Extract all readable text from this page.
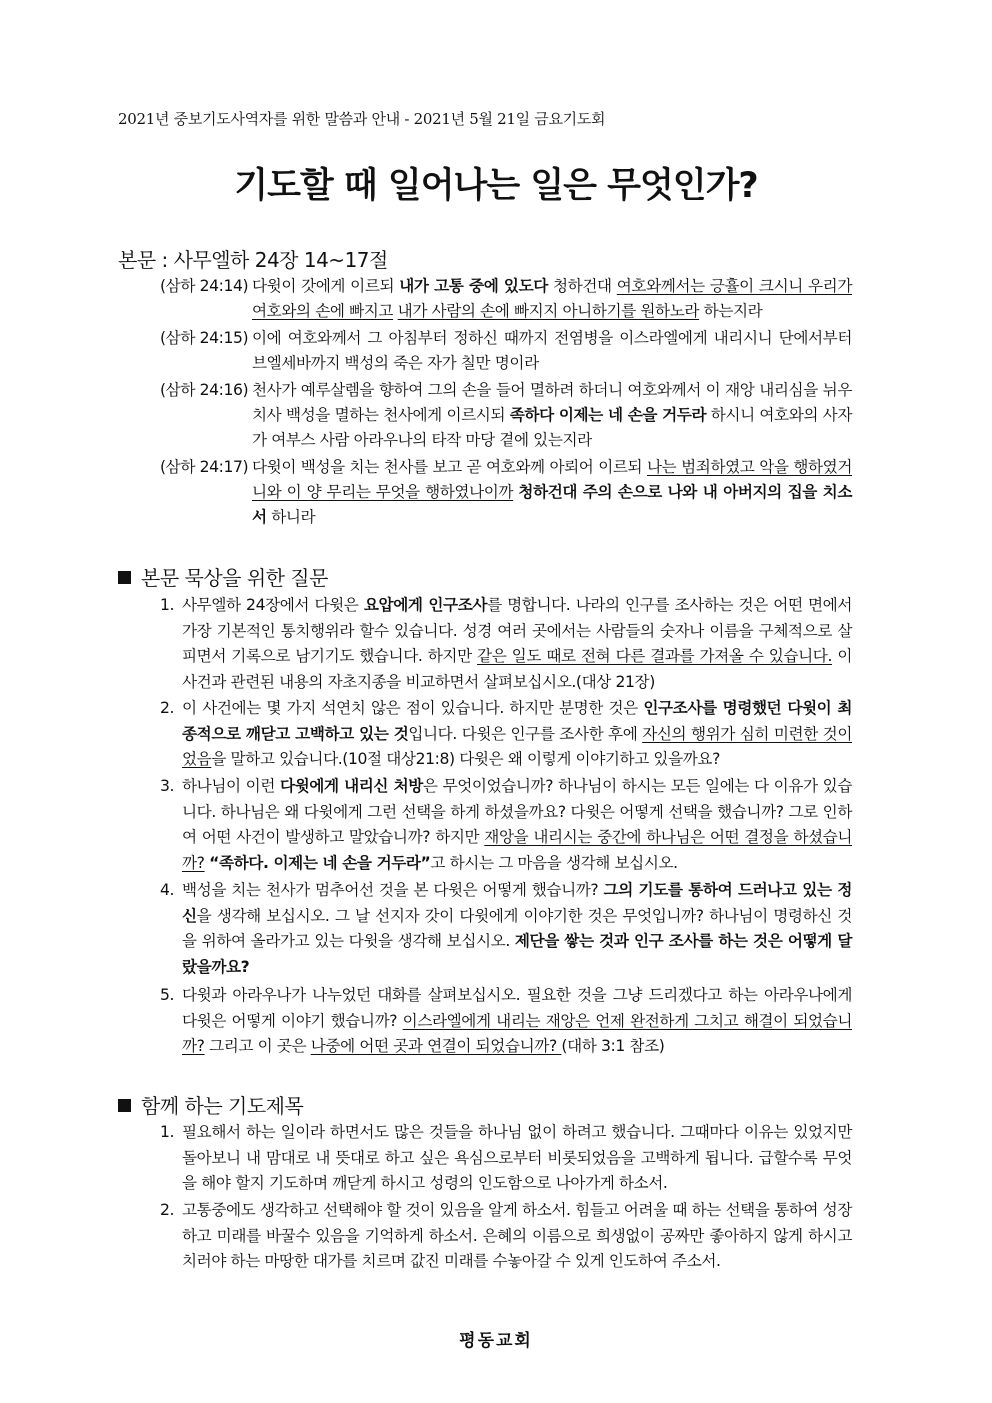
2021년 중보기도사역자를 위한 말씀과 안내 - 2021년 5월 21일 금요기도회
기도할 때 일어나는 일은 무엇인가?
본문 : 사무엘하 24장 14~17절
(삼하 24:14) 다윗이 갓에게 이르되 내가 고통 중에 있도다 청하건대 여호와께서는 긍휼이 크시니 우리가 여호와의 손에 빠지고 내가 사람의 손에 빠지지 아니하기를 원하노라 하는지라
(삼하 24:15) 이에 여호와께서 그 아침부터 정하신 때까지 전염병을 이스라엘에게 내리시니 단에서부터 브엘세바까지 백성의 죽은 자가 칠만 명이라
(삼하 24:16) 천사가 예루살렘을 향하여 그의 손을 들어 멸하려 하더니 여호와께서 이 재앙 내리심을 뉘우치사 백성을 멸하는 천사에게 이르시되 족하다 이제는 네 손을 거두라 하시니 여호와의 사자가 여부스 사람 아라우나의 타작 마당 곁에 있는지라
(삼하 24:17) 다윗이 백성을 치는 천사를 보고 곧 여호와께 아뢰어 이르되 나는 범죄하였고 악을 행하였거니와 이 양 무리는 무엇을 행하였나이까 청하건대 주의 손으로 나와 내 아버지의 집을 치소서 하니라
본문 묵상을 위한 질문
1. 사무엘하 24장에서 다윗은 요압에게 인구조사를 명합니다. 나라의 인구를 조사하는 것은 어떤 면에서 가장 기본적인 통치행위라 할수 있습니다. 성경 여러 곳에서는 사람들의 숫자나 이름을 구체적으로 살피면서 기록으로 남기기도 했습니다. 하지만 같은 일도 때로 전혀 다른 결과를 가져올 수 있습니다. 이 사건과 관련된 내용의 자초지종을 비교하면서 살펴보십시오.(대상 21장)
2. 이 사건에는 몇 가지 석연치 않은 점이 있습니다. 하지만 분명한 것은 인구조사를 명령했던 다윗이 최종적으로 깨닫고 고백하고 있는 것입니다. 다윗은 인구를 조사한 후에 자신의 행위가 심히 미련한 것이었음을 말하고 있습니다.(10절 대상21:8) 다윗은 왜 이렇게 이야기하고 있을까요?
3. 하나님이 이런 다윗에게 내리신 처방은 무엇이었습니까? 하나님이 하시는 모든 일에는 다 이유가 있습니다. 하나님은 왜 다윗에게 그런 선택을 하게 하셨을까요? 다윗은 어떻게 선택을 했습니까? 그로 인하여 어떤 사건이 발생하고 말았습니까? 하지만 재앙을 내리시는 중간에 하나님은 어떤 결정을 하셨습니까? “족하다. 이제는 네 손을 거두라”고 하시는 그 마음을 생각해 보십시오.
4. 백성을 치는 천사가 멈추어선 것을 본 다윗은 어떻게 했습니까? 그의 기도를 통하여 드러나고 있는 정신을 생각해 보십시오. 그 날 선지자 갓이 다윗에게 이야기한 것은 무엇입니까? 하나님이 명령하신 것을 위하여 올라가고 있는 다윗을 생각해 보십시오. 제단을 쌓는 것과 인구 조사를 하는 것은 어떻게 달랐을까요?
5. 다윗과 아라우나가 나누었던 대화를 살펴보십시오. 필요한 것을 그냥 드리겠다고 하는 아라우나에게 다윗은 어떻게 이야기 했습니까? 이스라엘에게 내리는 재앙은 언제 완전하게 그치고 해결이 되었습니까? 그리고 이 곳은 나중에 어떤 곳과 연결이 되었습니까? (대하 3:1 참조)
함께 하는 기도제목
1. 필요해서 하는 일이라 하면서도 많은 것들을 하나님 없이 하려고 했습니다. 그때마다 이유는 있었지만 돌아보니 내 맘대로 내 뜻대로 하고 싶은 욕심으로부터 비롯되었음을 고백하게 됩니다. 급할수록 무엇을 해야 할지 기도하며 깨닫게 하시고 성령의 인도함으로 나아가게 하소서.
2. 고통중에도 생각하고 선택해야 할 것이 있음을 알게 하소서. 힘들고 어려울 때 하는 선택을 통하여 성장하고 미래를 바꿀수 있음을 기억하게 하소서. 은혜의 이름으로 희생없이 공짜만 좋아하지 않게 하시고 치러야 하는 마땅한 대가를 치르며 값진 미래를 수놓아갈 수 있게 인도하여 주소서.
평동교회
